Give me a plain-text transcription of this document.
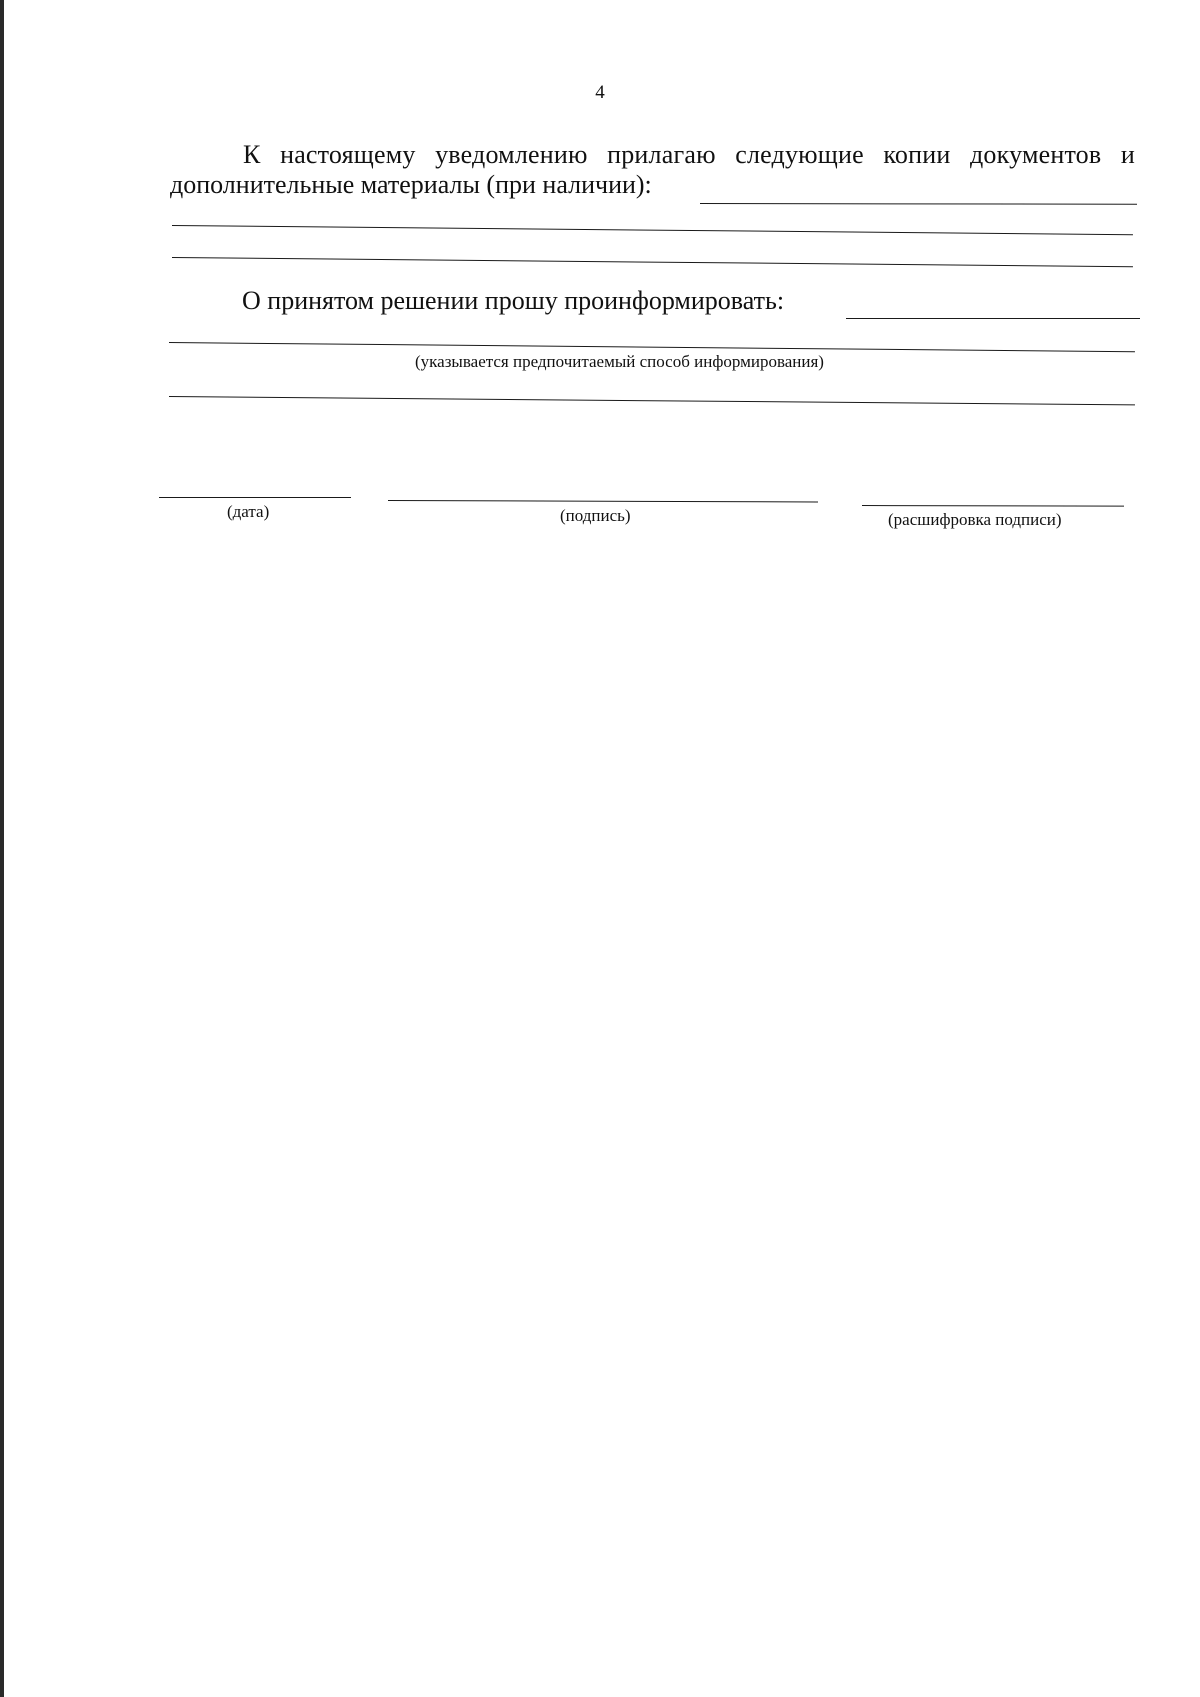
4
К настоящему уведомлению прилагаю следующие копии документов и
дополнительные материалы (при наличии):
О принятом решении прошу проинформировать:
(указывается предпочитаемый способ информирования)
(дата)	(подпись)	(расшифровка подписи)
